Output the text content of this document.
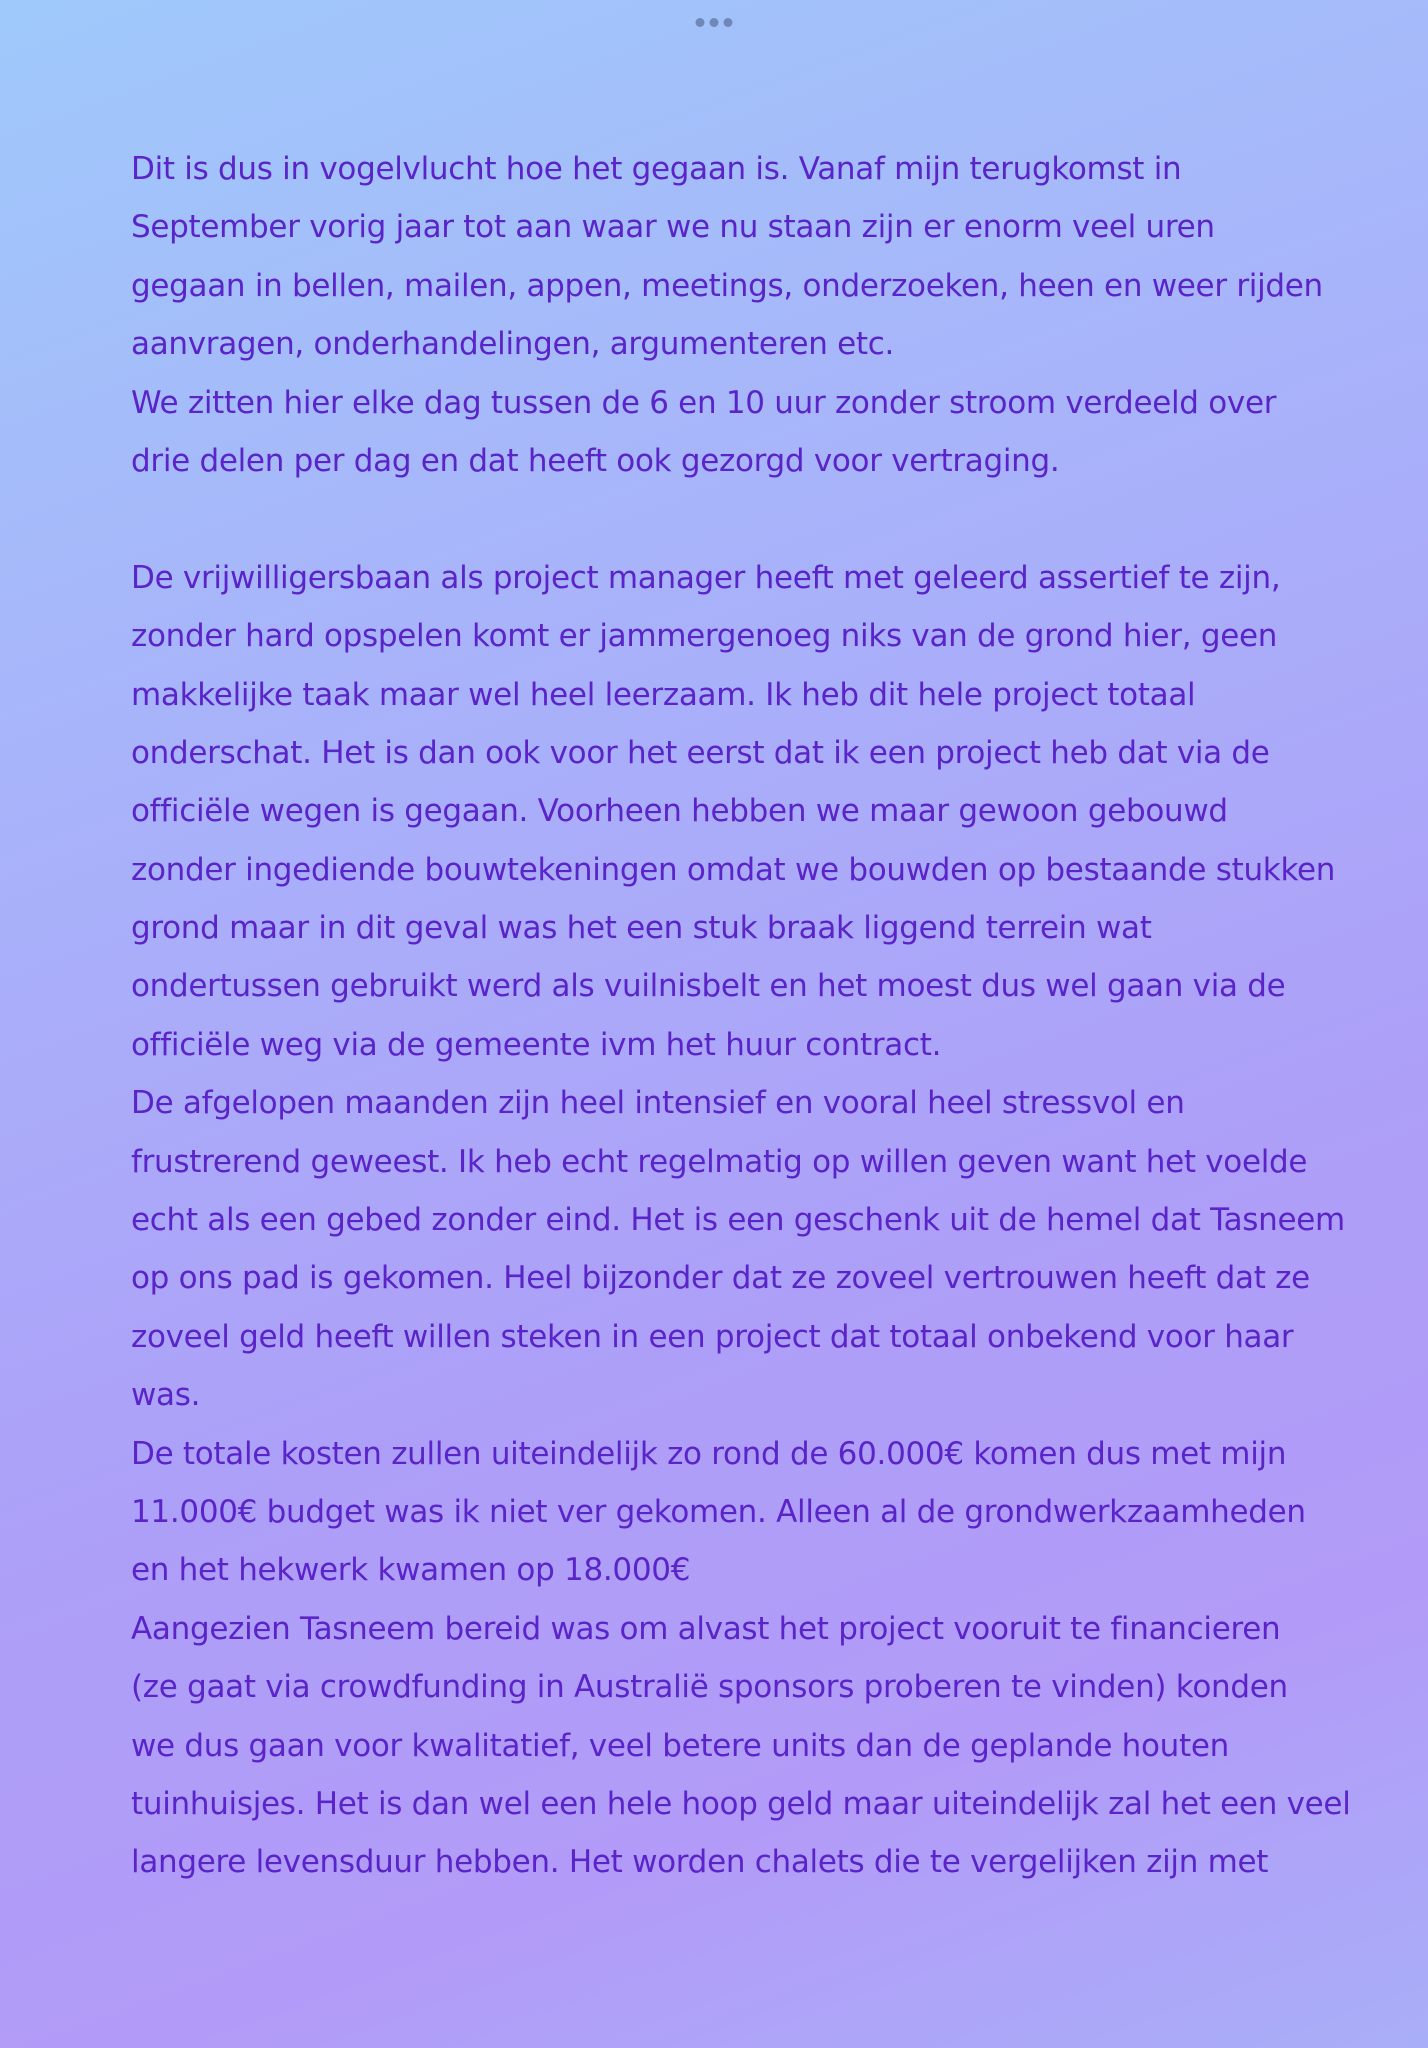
Dit is dus in vogelvlucht hoe het gegaan is. Vanaf mijn terugkomst in
September vorig jaar tot aan waar we nu staan zijn er enorm veel uren
gegaan in bellen, mailen, appen, meetings, onderzoeken, heen en weer rijden
aanvragen, onderhandelingen, argumenteren etc.
We zitten hier elke dag tussen de 6 en 10 uur zonder stroom verdeeld over
drie delen per dag en dat heeft ook gezorgd voor vertraging.
De vrijwilligersbaan als project manager heeft met geleerd assertief te zijn,
zonder hard opspelen komt er jammergenoeg niks van de grond hier, geen
makkelijke taak maar wel heel leerzaam. Ik heb dit hele project totaal
onderschat. Het is dan ook voor het eerst dat ik een project heb dat via de
officiële wegen is gegaan. Voorheen hebben we maar gewoon gebouwd
zonder ingediende bouwtekeningen omdat we bouwden op bestaande stukken
grond maar in dit geval was het een stuk braak liggend terrein wat
ondertussen gebruikt werd als vuilnisbelt en het moest dus wel gaan via de
officiële weg via de gemeente ivm het huur contract.
De afgelopen maanden zijn heel intensief en vooral heel stressvol en
frustrerend geweest. Ik heb echt regelmatig op willen geven want het voelde
echt als een gebed zonder eind. Het is een geschenk uit de hemel dat Tasneem
op ons pad is gekomen. Heel bijzonder dat ze zoveel vertrouwen heeft dat ze
zoveel geld heeft willen steken in een project dat totaal onbekend voor haar
was.
De totale kosten zullen uiteindelijk zo rond de 60.000€ komen dus met mijn
11.000€ budget was ik niet ver gekomen. Alleen al de grondwerkzaamheden
en het hekwerk kwamen op 18.000€
Aangezien Tasneem bereid was om alvast het project vooruit te financieren
(ze gaat via crowdfunding in Australië sponsors proberen te vinden) konden
we dus gaan voor kwalitatief, veel betere units dan de geplande houten
tuinhuisjes. Het is dan wel een hele hoop geld maar uiteindelijk zal het een veel
langere levensduur hebben. Het worden chalets die te vergelijken zijn met
